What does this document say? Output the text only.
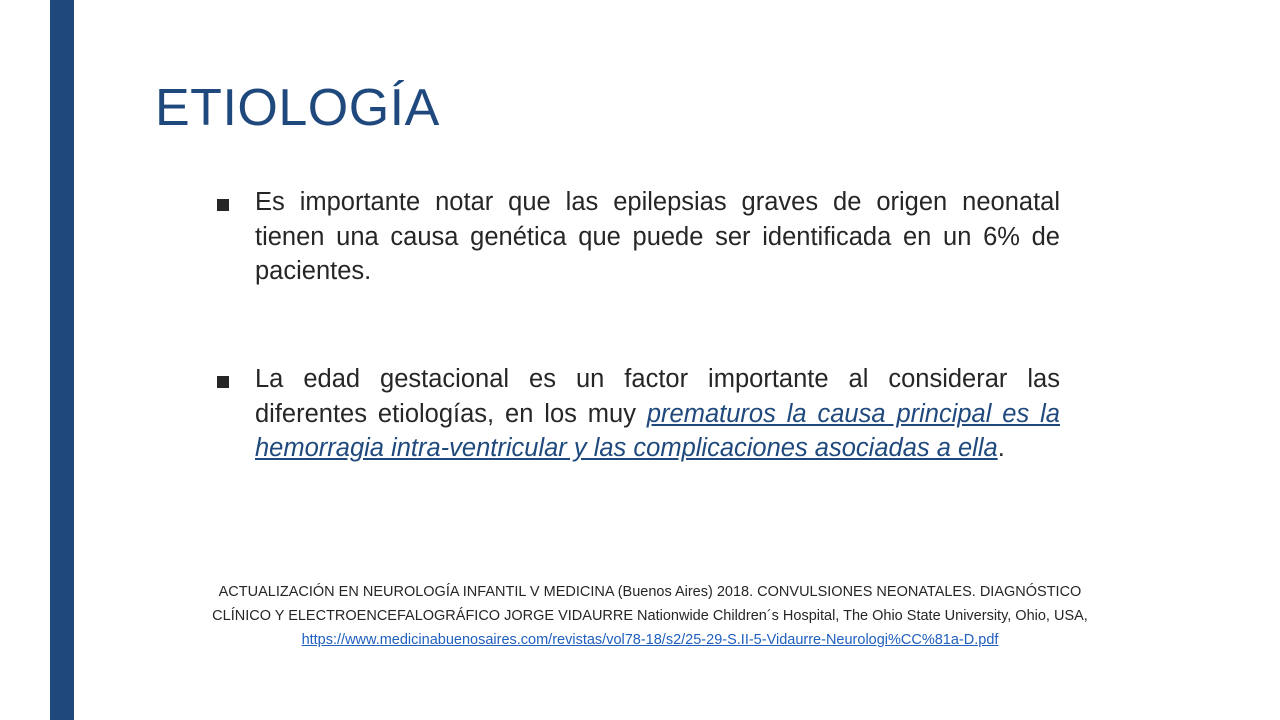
ETIOLOGÍA

Es importante notar que las epilepsias graves de origen neonatal tienen una causa genética que puede ser identificada en un 6% de pacientes.

La edad gestacional es un factor importante al considerar las diferentes etiologías, en los muy prematuros la causa principal es la hemorragia intra-ventricular y las complicaciones asociadas a ella.

ACTUALIZACIÓN EN NEUROLOGÍA INFANTIL V MEDICINA (Buenos Aires) 2018. CONVULSIONES NEONATALES. DIAGNÓSTICO CLÍNICO Y ELECTROENCEFALOGRÁFICO JORGE VIDAURRE Nationwide Children´s Hospital, The Ohio State University, Ohio, USA, https://www.medicinabuenosaires.com/revistas/vol78-18/s2/25-29-S.II-5-Vidaurre-Neurologi%CC%81a-D.pdf
